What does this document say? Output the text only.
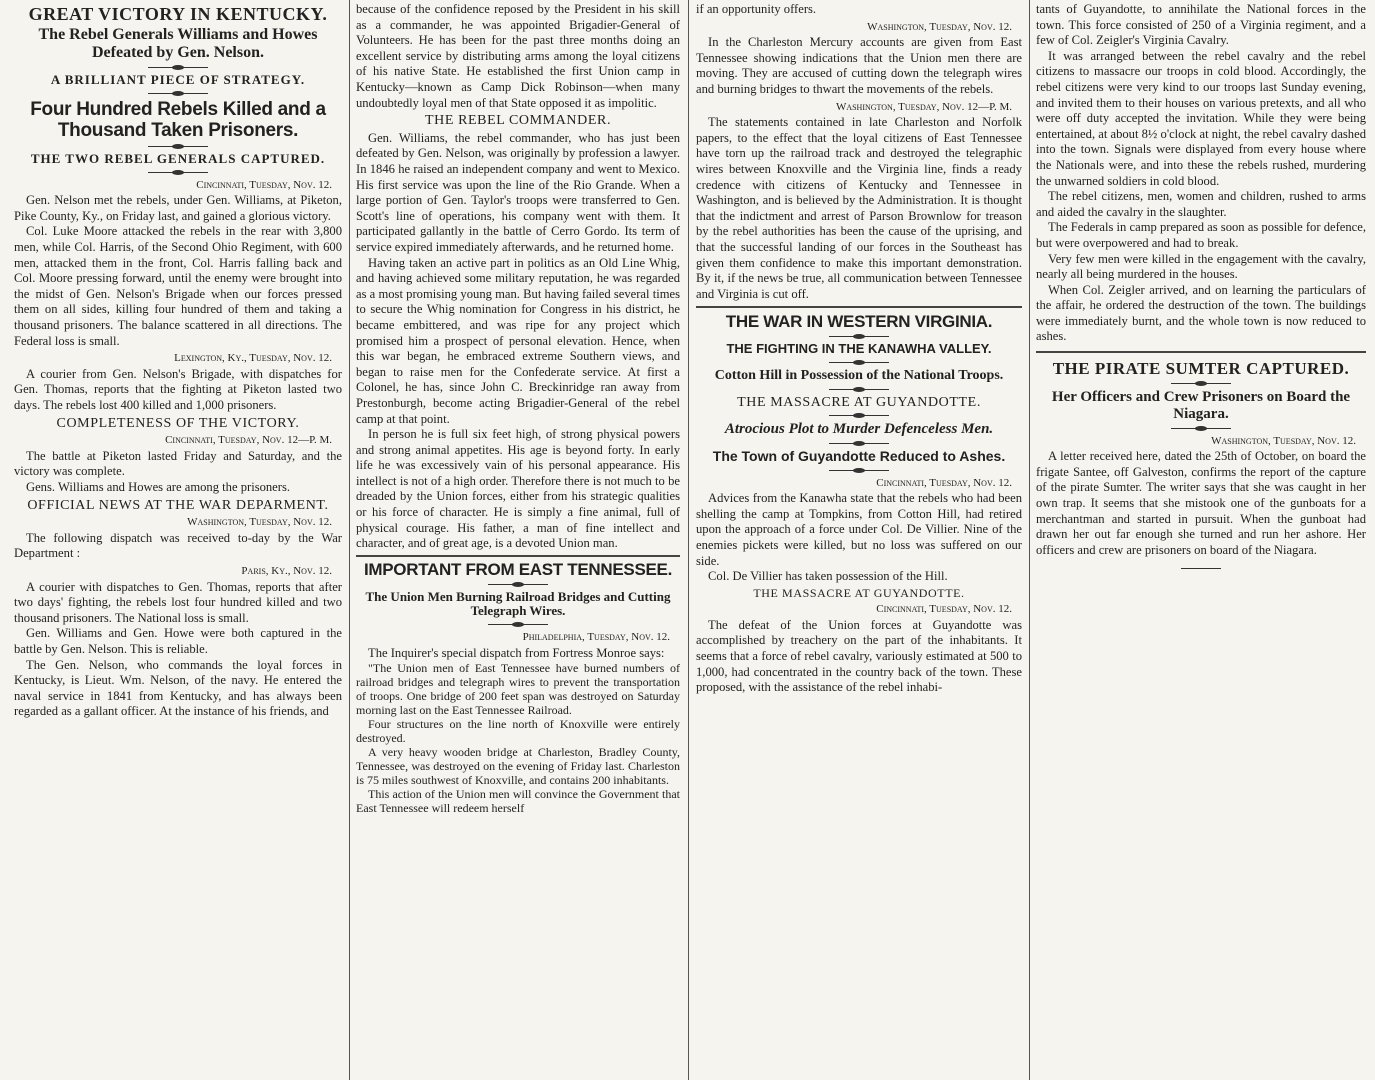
GREAT VICTORY IN KENTUCKY.
The Rebel Generals Williams and Howes Defeated by Gen. Nelson.
A BRILLIANT PIECE OF STRATEGY.
Four Hundred Rebels Killed and a Thousand Taken Prisoners.
THE TWO REBEL GENERALS CAPTURED.
Cincinnati, Tuesday, Nov. 12.

Gen. Nelson met the rebels, under Gen. Williams, at Piketon, Pike County, Ky., on Friday last, and gained a glorious victory.

Col. Luke Moore attacked the rebels in the rear with 3,800 men, while Col. Harris, of the Second Ohio Regiment, with 600 men, attacked them in the front, Col. Harris falling back and Col. Moore pressing forward, until the enemy were brought into the midst of Gen. Nelson's Brigade when our forces pressed them on all sides, killing four hundred of them and taking a thousand prisoners. The balance scattered in all directions. The Federal loss is small.

Lexington, Ky., Tuesday, Nov. 12.

A courier from Gen. Nelson's Brigade, with dispatches for Gen. Thomas, reports that the fighting at Piketon lasted two days. The rebels lost 400 killed and 1,000 prisoners.

COMPLETENESS OF THE VICTORY.
Cincinnati, Tuesday, Nov. 12—P. M.

The battle at Piketon lasted Friday and Saturday, and the victory was complete.

Gens. Williams and Howes are among the prisoners.

OFFICIAL NEWS AT THE WAR DEPARMENT.
Washington, Tuesday, Nov. 12.

The following dispatch was received to-day by the War Department :

Paris, Ky., Nov. 12.

A courier with dispatches to Gen. Thomas, reports that after two days' fighting, the rebels lost four hundred killed and two thousand prisoners. The National loss is small.

Gen. Williams and Gen. Howe were both captured in the battle by Gen. Nelson. This is reliable.

The Gen. Nelson, who commands the loyal forces in Kentucky, is Lieut. Wm. Nelson, of the navy. He entered the naval service in 1841 from Kentucky, and has always been regarded as a gallant officer. At the instance of his friends, and

because of the confidence reposed by the President in his skill as a commander, he was appointed Brigadier-General of Volunteers. He has been for the past three months doing an excellent service by distributing arms among the loyal citizens of his native State. He established the first Union camp in Kentucky—known as Camp Dick Robinson—when many undoubtedly loyal men of that State opposed it as impolitic.

THE REBEL COMMANDER.

Gen. Williams, the rebel commander, who has just been defeated by Gen. Nelson, was originally by profession a lawyer. In 1846 he raised an independent company and went to Mexico. His first service was upon the line of the Rio Grande. When a large portion of Gen. Taylor's troops were transferred to Gen. Scott's line of operations, his company went with them. It participated gallantly in the battle of Cerro Gordo. Its term of service expired immediately afterwards, and he returned home.

Having taken an active part in politics as an Old Line Whig, and having achieved some military reputation, he was regarded as a most promising young man. But having failed several times to secure the Whig nomination for Congress in his district, he became embittered, and was ripe for any project which promised him a prospect of personal elevation. Hence, when this war began, he embraced extreme Southern views, and began to raise men for the Confederate service. At first a Colonel, he has, since John C. Breckinridge ran away from Prestonburgh, become acting Brigadier-General of the rebel camp at that point.

In person he is full six feet high, of strong physical powers and strong animal appetites. His age is beyond forty. In early life he was excessively vain of his personal appearance. His intellect is not of a high order. Therefore there is not much to be dreaded by the Union forces, either from his strategic qualities or his force of character. He is simply a fine animal, full of physical courage. His father, a man of fine intellect and character, and of great age, is a devoted Union man.

IMPORTANT FROM EAST TENNESSEE.
The Union Men Burning Railroad Bridges and Cutting Telegraph Wires.
Philadelphia, Tuesday, Nov. 12.

The Inquirer's special dispatch from Fortress Monroe says:

"The Union men of East Tennessee have burned numbers of railroad bridges and telegraph wires to prevent the transportation of troops. One bridge of 200 feet span was destroyed on Saturday morning last on the East Tennessee Railroad.

Four structures on the line north of Knoxville were entirely destroyed.

A very heavy wooden bridge at Charleston, Bradley County, Tennessee, was destroyed on the evening of Friday last. Charleston is 75 miles southwest of Knoxville, and contains 200 inhabitants.

This action of the Union men will convince the Government that East Tennessee will redeem herself

if an opportunity offers.

Washington, Tuesday, Nov. 12.

In the Charleston Mercury accounts are given from East Tennessee showing indications that the Union men there are moving. They are accused of cutting down the telegraph wires and burning bridges to thwart the movements of the rebels.

Washington, Tuesday, Nov. 12—P. M.

The statements contained in late Charleston and Norfolk papers, to the effect that the loyal citizens of East Tennessee have torn up the railroad track and destroyed the telegraphic wires between Knoxville and the Virginia line, finds a ready credence with citizens of Kentucky and Tennessee in Washington, and is believed by the Administration. It is thought that the indictment and arrest of Parson Brownlow for treason by the rebel authorities has been the cause of the uprising, and that the successful landing of our forces in the Southeast has given them confidence to make this important demonstration. By it, if the news be true, all communication between Tennessee and Virginia is cut off.

THE WAR IN WESTERN VIRGINIA.
THE FIGHTING IN THE KANAWHA VALLEY.
Cotton Hill in Possession of the National Troops.
THE MASSACRE AT GUYANDOTTE.
Atrocious Plot to Murder Defenceless Men.
The Town of Guyandotte Reduced to Ashes.
Cincinnati, Tuesday, Nov. 12.

Advices from the Kanawha state that the rebels who had been shelling the camp at Tompkins, from Cotton Hill, had retired upon the approach of a force under Col. De Villier. Nine of the enemies pickets were killed, but no loss was suffered on our side.

Col. De Villier has taken possession of the Hill.

THE MASSACRE AT GUYANDOTTE.
Cincinnati, Tuesday, Nov. 12.

The defeat of the Union forces at Guyandotte was accomplished by treachery on the part of the inhabitants. It seems that a force of rebel cavalry, variously estimated at 500 to 1,000, had concentrated in the country back of the town. These proposed, with the assistance of the rebel inhabi-

tants of Guyandotte, to annihilate the National forces in the town. This force consisted of 250 of a Virginia regiment, and a few of Col. Zeigler's Virginia Cavalry.

It was arranged between the rebel cavalry and the rebel citizens to massacre our troops in cold blood. Accordingly, the rebel citizens were very kind to our troops last Sunday evening, and invited them to their houses on various pretexts, and all who were off duty accepted the invitation. While they were being entertained, at about 8½ o'clock at night, the rebel cavalry dashed into the town. Signals were displayed from every house where the Nationals were, and into these the rebels rushed, murdering the unwarned soldiers in cold blood.

The rebel citizens, men, women and children, rushed to arms and aided the cavalry in the slaughter.

The Federals in camp prepared as soon as possible for defence, but were overpowered and had to break.

Very few men were killed in the engagement with the cavalry, nearly all being murdered in the houses.

When Col. Zeigler arrived, and on learning the particulars of the affair, he ordered the destruction of the town. The buildings were immediately burnt, and the whole town is now reduced to ashes.

THE PIRATE SUMTER CAPTURED.
Her Officers and Crew Prisoners on Board the Niagara.
Washington, Tuesday, Nov. 12.

A letter received here, dated the 25th of October, on board the frigate Santee, off Galveston, confirms the report of the capture of the pirate Sumter. The writer says that she was caught in her own trap. It seems that she mistook one of the gunboats for a merchantman and started in pursuit. When the gunboat had drawn her out far enough she turned and run her ashore. Her officers and crew are prisoners on board of the Niagara.
